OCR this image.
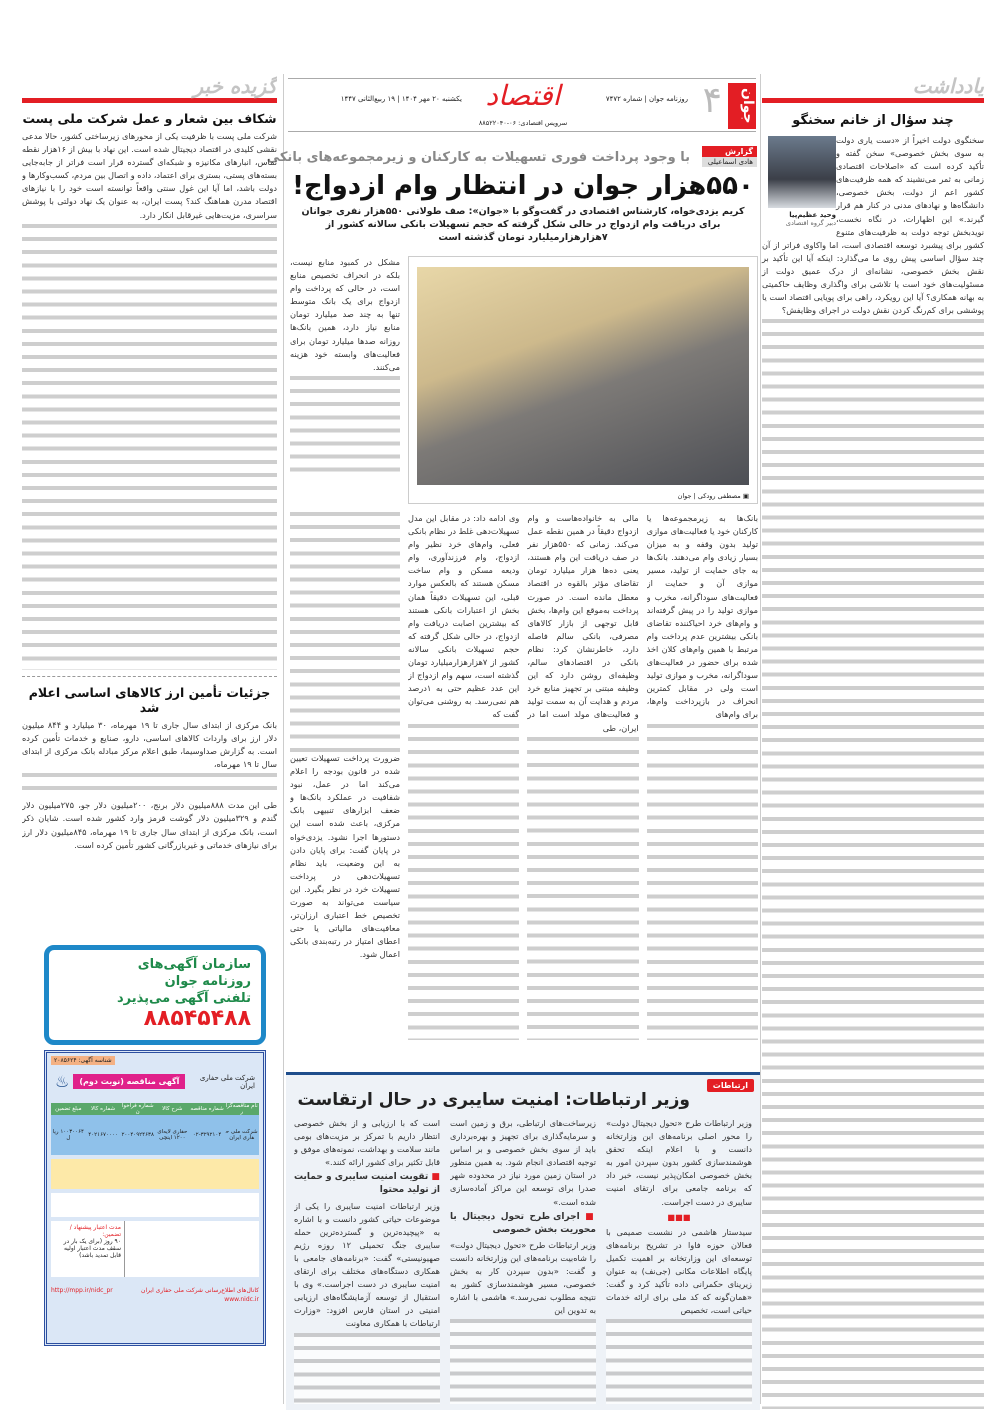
یادداشت
چند سؤال از خانم سخنگو
وحید عظیم‌پیا
دبیر گروه اقتصادی
سخنگوی دولت اخیراً از «دست یاری دولت به سوی بخش خصوصی» سخن گفته و تأکید کرده است که «اصلاحات اقتصادی زمانی به ثمر می‌نشیند که همه ظرفیت‌های کشور اعم از دولت، بخش خصوصی، دانشگاه‌ها و نهادهای مدنی در کنار هم قرار گیرند.» این اظهارات، در نگاه نخست، نویدبخش توجه دولت به ظرفیت‌های متنوع کشور برای پیشبرد توسعه اقتصادی است، اما واکاوی فراتر از آن چند سؤال اساسی پیش روی ما می‌گذارد: اینکه آیا این تأکید بر نقش بخش خصوصی، نشانه‌ای از درک عمیق دولت از مسئولیت‌های خود است یا تلاشی برای واگذاری وظایف حاکمیتی به بهانه همکاری؟ آیا این رویکرد، راهی برای پویایی اقتصاد است یا پوششی برای کم‌رنگ کردن نقش دولت در اجرای وظایفش؟
جوان
۴
روزنامه جوان | شماره ۷۴۷۲
اقتصاد
یکشنبه ۲۰ مهر ۱۴۰۴ | ۱۹ ربیع‌الثانی ۱۴۴۷
سرویس اقتصادی: ۰۶-۸۸۵۲۲۰۴۰
گزارش
هادی اسماعیلی
با وجود پرداخت فوری تسهیلات به کارکنان و زیرمجموعه‌های بانکی
۵۵۰هزار جوان در انتظار وام ازدواج!
کریم یزدی‌خواه، کارشناس اقتصادی در گفت‌وگو با «جوان»: صف طولانی ۵۵۰هزار نفری جوانان
برای دریافت وام ازدواج در حالی شکل گرفته که حجم تسهیلات بانکی سالانه کشور از ۷هزارهزارمیلیارد تومان گذشته است
▣ مصطفی رودکی | جوان

مشکل در کمبود منابع نیست، بلکه در انحراف تخصیص منابع است، در حالی که پرداخت وام ازدواج برای یک بانک متوسط تنها به چند صد میلیارد تومان منابع نیاز دارد، همین بانک‌ها روزانه صدها میلیارد تومان برای فعالیت‌های وابسته خود هزینه می‌کنند.

بانک‌ها به زیرمجموعه‌ها یا کارکنان خود یا فعالیت‌های موازی تولید بدون وقفه و به میزان بسیار زیادی وام می‌دهند. بانک‌ها به جای حمایت از تولید، مسیر موازی آن و حمایت از فعالیت‌های سوداگرانه، مخرب و موازی تولید را در پیش گرفته‌اند و وام‌های خرد احیاکننده تقاضای بانکی بیشترین عدم پرداخت وام مرتبط با همین وام‌های کلان اخذ شده برای حضور در فعالیت‌های سوداگرانه، مخرب و موازی تولید است ولی در مقابل کمترین انحراف در بازپرداخت وام‌ها، برای وام‌های

مالی به خانواده‌هاست و وام ازدواج دقیقاً در همین نقطه عمل می‌کند. زمانی که ۵۵۰هزار نفر در صف دریافت این وام هستند، یعنی ده‌ها هزار میلیارد تومان تقاضای مؤثر بالقوه در اقتصاد معطل مانده است. در صورت پرداخت به‌موقع این وام‌ها، بخش قابل توجهی از بازار کالاهای مصرفی، بانکی سالم فاصله دارد، خاطرنشان کرد: نظام بانکی در اقتصادهای سالم، وظیفه‌ای روشن دارد که این وظیفه مبتنی بر تجهیز منابع خرد مردم و هدایت آن به سمت تولید و فعالیت‌های مولد است اما در ایران، طی

وی ادامه داد: در مقابل این مدل تسهیلات‌دهی غلط در نظام بانکی فعلی، وام‌های خرد نظیر وام ازدواج، وام فرزندآوری، وام ودیعه مسکن و وام ساخت مسکن هستند که بالعکس موارد قبلی، این تسهیلات دقیقاً همان بخش از اعتبارات بانکی هستند که بیشترین اصابت دریافت وام ازدواج، در حالی شکل گرفته که حجم تسهیلات بانکی سالانه کشور از ۷هزارهزارمیلیارد تومان گذشته است، سهم وام ازدواج از این عدد عظیم حتی به ۱درصد هم نمی‌رسد. به روشنی می‌توان گفت که

ضرورت پرداخت تسهیلات تعیین شده در قانون بودجه را اعلام می‌کند اما در عمل، نبود شفافیت در عملکرد بانک‌ها و ضعف ابزارهای تنبیهی بانک مرکزی، باعث شده است این دستورها اجرا نشود. یزدی‌خواه در پایان گفت: برای پایان دادن به این وضعیت، باید نظام تسهیلات‌دهی در پرداخت تسهیلات خرد در نظر بگیرد. این سیاست می‌تواند به صورت تخصیص خط اعتباری ارزان‌تر، معافیت‌های مالیاتی یا حتی اعطای امتیاز در رتبه‌بندی بانکی اعمال شود.

ارتباطات
وزیر ارتباطات: امنیت سایبری در حال ارتقاست

وزیر ارتباطات طرح «تحول دیجیتال دولت» را محور اصلی برنامه‌های این وزارتخانه دانست و با اعلام اینکه تحقق هوشمندسازی کشور بدون سپردن امور به بخش خصوصی امکان‌پذیر نیست، خبر داد که برنامه جامعی برای ارتقای امنیت سایبری در دست اجراست.

■■■

سیدستار هاشمی در نشست صمیمی با فعالان حوزه فاوا در تشریح برنامه‌های توسعه‌ای این وزارتخانه بر اهمیت تکمیل پایگاه اطلاعات مکانی (جی‌نف) به عنوان زیرینای حکمرانی داده تأکید کرد و گفت: «همان‌گونه که کد ملی برای ارائه خدمات حیاتی است، تخصیص

زیرساخت‌های ارتباطی، برق و زمین است و سرمایه‌گذاری برای تجهیز و بهره‌برداری باید از سوی بخش خصوصی و بر اساس توجیه اقتصادی انجام شود. به همین منظور در استان زمین مورد نیاز در محدوده شهر صدرا برای توسعه این مراکز آماده‌سازی شده است.»

■ اجرای طرح تحول دیجیتال با محوریت بخش خصوصی

وزیر ارتباطات طرح «تحول دیجیتال دولت» را شاه‌بیت برنامه‌های این وزارتخانه دانست و گفت: «بدون سپردن کار به بخش خصوصی، مسیر هوشمندسازی کشور به نتیجه مطلوب نمی‌رسد.» هاشمی با اشاره به تدوین این

است که با ارزیابی و از بخش خصوصی انتظار داریم با تمرکز بر مزیت‌های بومی مانند سلامت و بهداشت، نمونه‌های موفق و قابل تکثیر برای کشور ارائه کنند.»

■ تقویت امنیت سایبری و حمایت از تولید محتوا

وزیر ارتباطات امنیت سایبری را یکی از موضوعات حیاتی کشور دانست و با اشاره به «پیچیده‌ترین و گسترده‌ترین حمله سایبری جنگ تحمیلی ۱۲ روزه رژیم صهیونیستی» گفت: «برنامه‌های جامعی با همکاری دستگاه‌های مختلف برای ارتقای امنیت سایبری در دست اجراست.» وی با استقبال از توسعه آزمایشگاه‌های ارزیابی امنیتی در استان فارس افزود: «وزارت ارتباطات با همکاری معاونت

گزیده خبر
شکاف بین شعار و عمل شرکت ملی پست

شرکت ملی پست با ظرفیت یکی از محورهای زیرساختی کشور، حالا مدعی نقشی کلیدی در اقتصاد دیجیتال شده است. این نهاد با بیش از ۱۶هزار نقطه تماس، انبارهای مکانیزه و شبکه‌ای گسترده قرار است فراتر از جابه‌جایی بسته‌های پستی، بستری برای اعتماد، داده و اتصال بین مردم، کسب‌وکارها و دولت باشد، اما آیا این غول سنتی واقعاً توانسته است خود را با نیازهای اقتصاد مدرن هماهنگ کند؟ پست ایران، به عنوان یک نهاد دولتی با پوشش سراسری، مزیت‌هایی غیرقابل انکار دارد.

جزئیات تأمین ارز کالاهای اساسی اعلام شد

بانک مرکزی از ابتدای سال جاری تا ۱۹ مهرماه، ۳۰ میلیارد و ۸۴۴ میلیون دلار ارز برای واردات کالاهای اساسی، دارو، صنایع و خدمات تأمین کرده است. به گزارش صداوسیما، طبق اعلام مرکز مبادله بانک مرکزی از ابتدای سال تا ۱۹ مهرماه،

طی این مدت ۸۸۸میلیون دلار برنج، ۲۰۰میلیون دلار جو، ۲۷۵میلیون دلار گندم و ۳۲۹میلیون دلار گوشت قرمز وارد کشور شده است. شایان ذکر است، بانک مرکزی از ابتدای سال جاری تا ۱۹ مهرماه، ۸۴۵میلیون دلار ارز برای نیازهای خدماتی و غیربازرگانی کشور تأمین کرده است.

سازمان آگهی‌های
روزنامه جوان
تلفنی آگهی می‌پذیرد
۸۸۵۴۵۴۸۸
شناسه آگهی: ۲۰۸۵۶۲۴
شرکت ملی حفاری ایران
آگهی مناقصه (نوبت دوم)
♨
نام مناقصه‌گزار	شماره مناقصه	شرح کالا	شماره فراخوان	شماره کالا	مبلغ تضمین
شرکت ملی حفاری ایران	۰۲-۳۲۹۲۱۰۴	حفاری لایه‌ای ۱۲۰۰ اینچی	۲۰۰۴۰۹۲۴۶۳۸	۴۰۲۱۶۷۰۰۰۰	۱۰۰۳۰۰۶۴ ریال
مدت اعتبار پیشنهاد / تضمین:
۹۰ روز (برای یک بار در سقف مدت اعتبار اولیه قابل تمدید باشد)
کانال‌های اطلاع‌رسانی شرکت ملی حفاری ایران
http://mpp.ir/nidc_pr
www.nidc.ir
